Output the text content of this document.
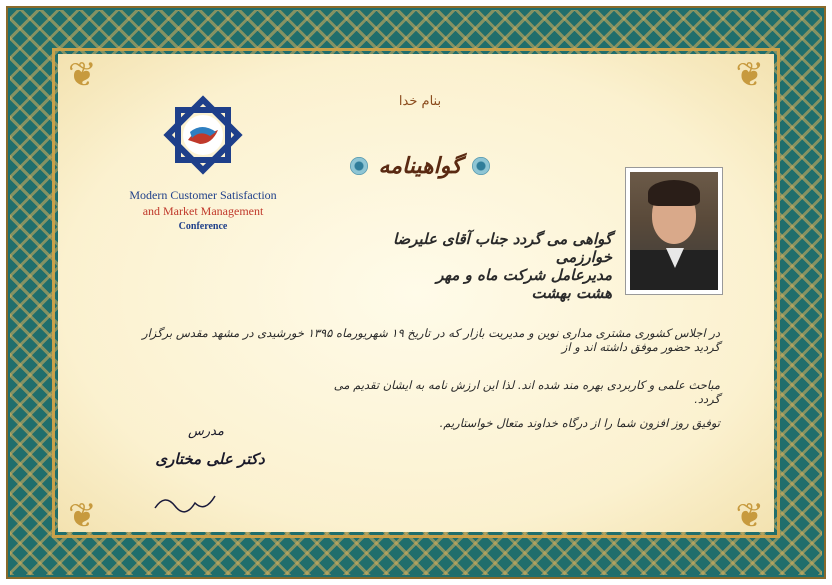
❦	❦
❦	❦
Modern Customer Satisfaction
and Market Management
Conference
بنام خدا
گواهینامه
گواهی می گردد جناب آقای علیرضا خوارزمی
مدیرعامل شرکت ماه و مهر هشت بهشت
در اجلاس کشوری مشتری مداری نوین و مدیریت بازار که در تاریخ ۱۹ شهریورماه ۱۳۹۵ خورشیدی در مشهد مقدس برگزار گردید حضور موفق داشته اند و از
مباحث علمی و کاربردی بهره مند شده اند. لذا این ارزش نامه به ایشان تقدیم می گردد.
توفیق روز افزون شما را از درگاه خداوند متعال خواستاریم.
مدرس
دکتر علی مختاری
